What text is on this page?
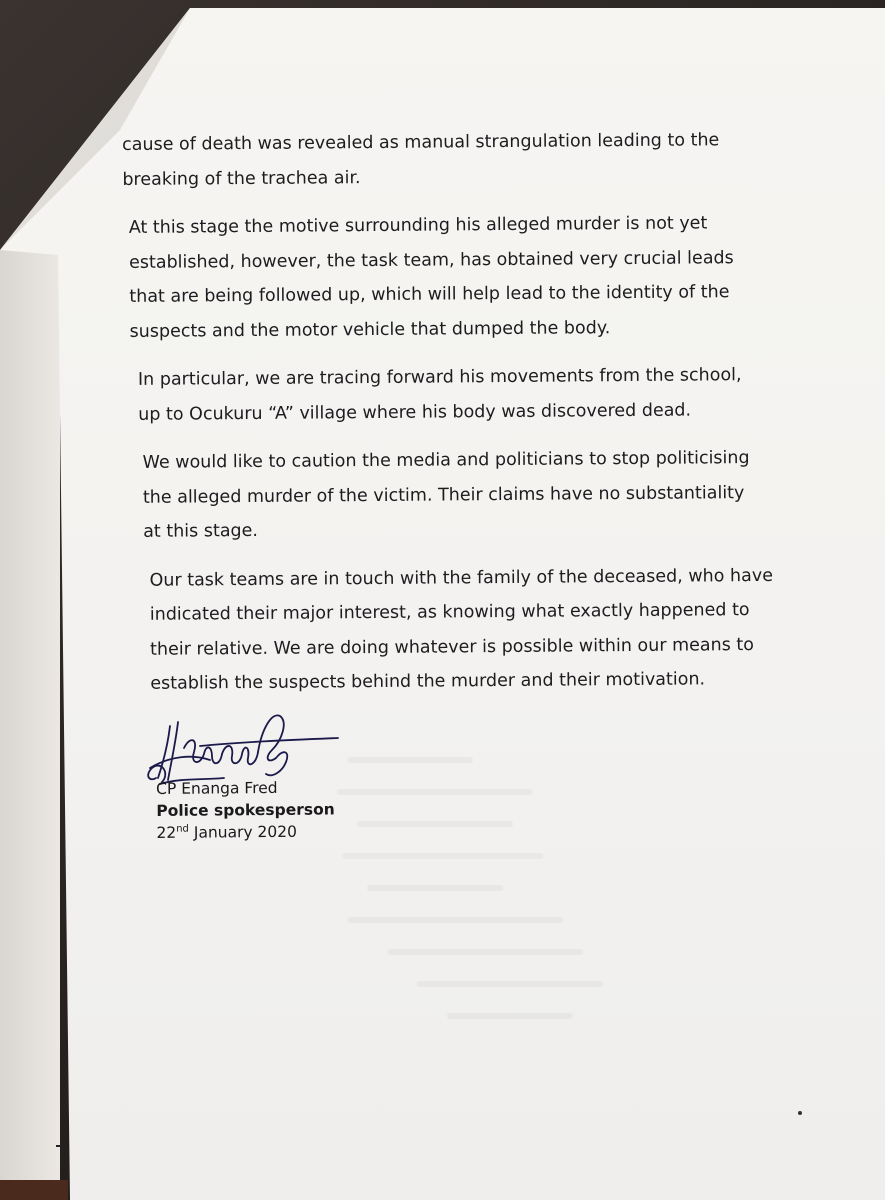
cause of death was revealed as manual strangulation leading to the
breaking of the trachea air.

At this stage the motive surrounding his alleged murder is not yet
established, however, the task team, has obtained very crucial leads
that are being followed up, which will help lead to the identity of the
suspects and the motor vehicle that dumped the body.

In particular, we are tracing forward his movements from the school,
up to Ocukuru “A” village where his body was discovered dead.

We would like to caution the media and politicians to stop politicising
the alleged murder of the victim. Their claims have no substantiality
at this stage.

Our task teams are in touch with the family of the deceased, who have
indicated their major interest, as knowing what exactly happened to
their relative. We are doing whatever is possible within our means to
establish the suspects behind the murder and their motivation.

CP Enanga Fred
Police spokesperson
22nd January 2020
